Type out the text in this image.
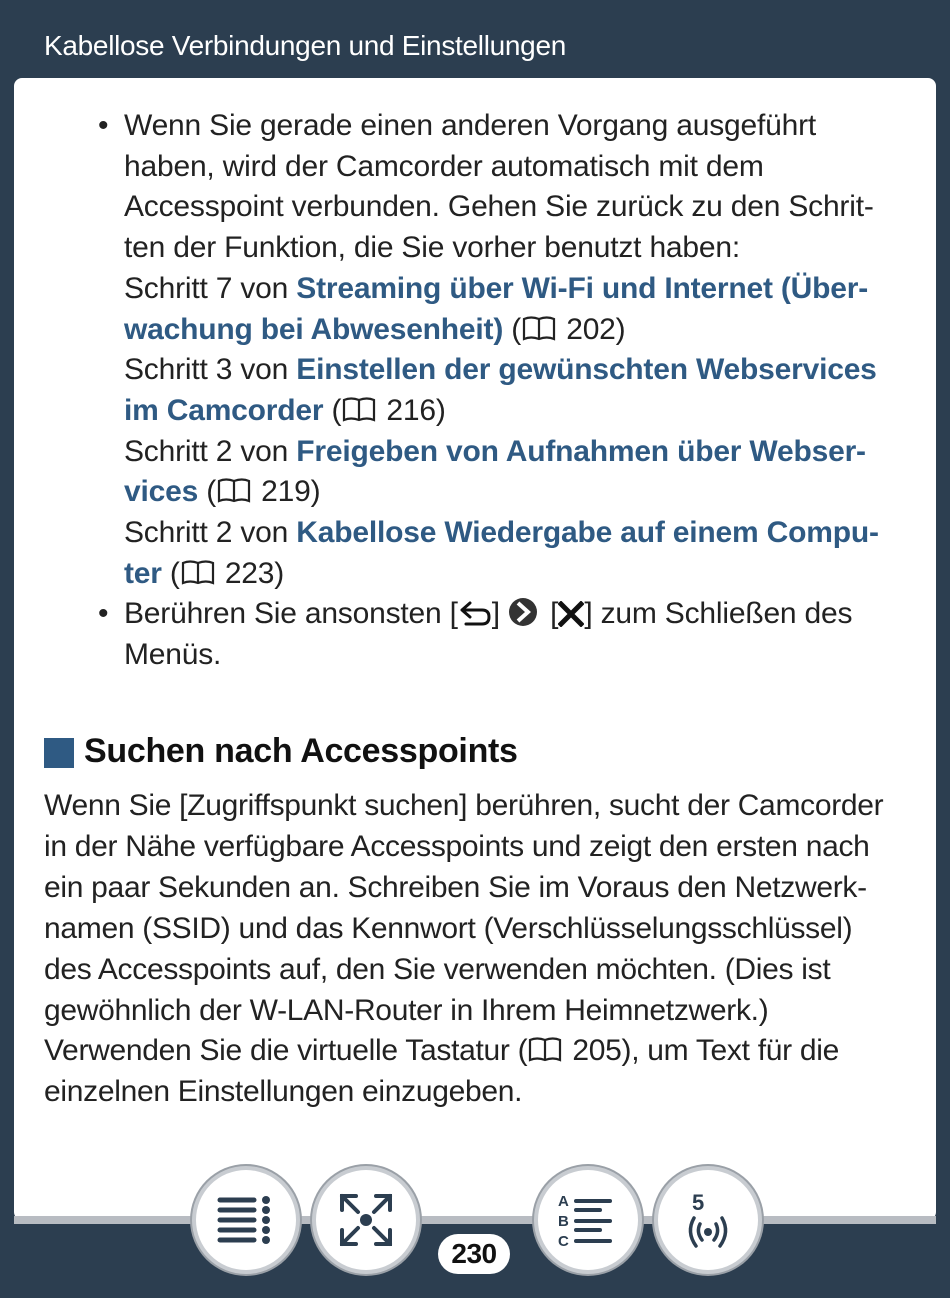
Kabellose Verbindungen und Einstellungen
• Wenn Sie gerade einen anderen Vorgang ausgeführt
haben, wird der Camcorder automatisch mit dem
Accesspoint verbunden. Gehen Sie zurück zu den Schrit-
ten der Funktion, die Sie vorher benutzt haben:
Schritt 7 von Streaming über Wi-Fi und Internet (Über-
wachung bei Abwesenheit) (
202)
Schritt 3 von Einstellen der gewünschten Webservices
im Camcorder (
216)
Schritt 2 von Freigeben von Aufnahmen über Webser-
vices (
219)
Schritt 2 von Kabellose Wiedergabe auf einem Compu-
ter (
223)
• Berühren Sie ansonsten [ ]
[ ] zum Schließen des
Menüs.
Suchen nach Accesspoints
Wenn Sie [Zugriffspunkt suchen] berühren, sucht der Camcorder
in der Nähe verfügbare Accesspoints und zeigt den ersten nach
ein paar Sekunden an. Schreiben Sie im Voraus den Netzwerk-
namen (SSID) und das Kennwort (Verschlüsselungsschlüssel)
des Accesspoints auf, den Sie verwenden möchten. (Dies ist
gewöhnlich der W-LAN-Router in Ihrem Heimnetzwerk.)
Verwenden Sie die virtuelle Tastatur (
205), um Text für die
einzelnen Einstellungen einzugeben.
230
A
B
C
5
